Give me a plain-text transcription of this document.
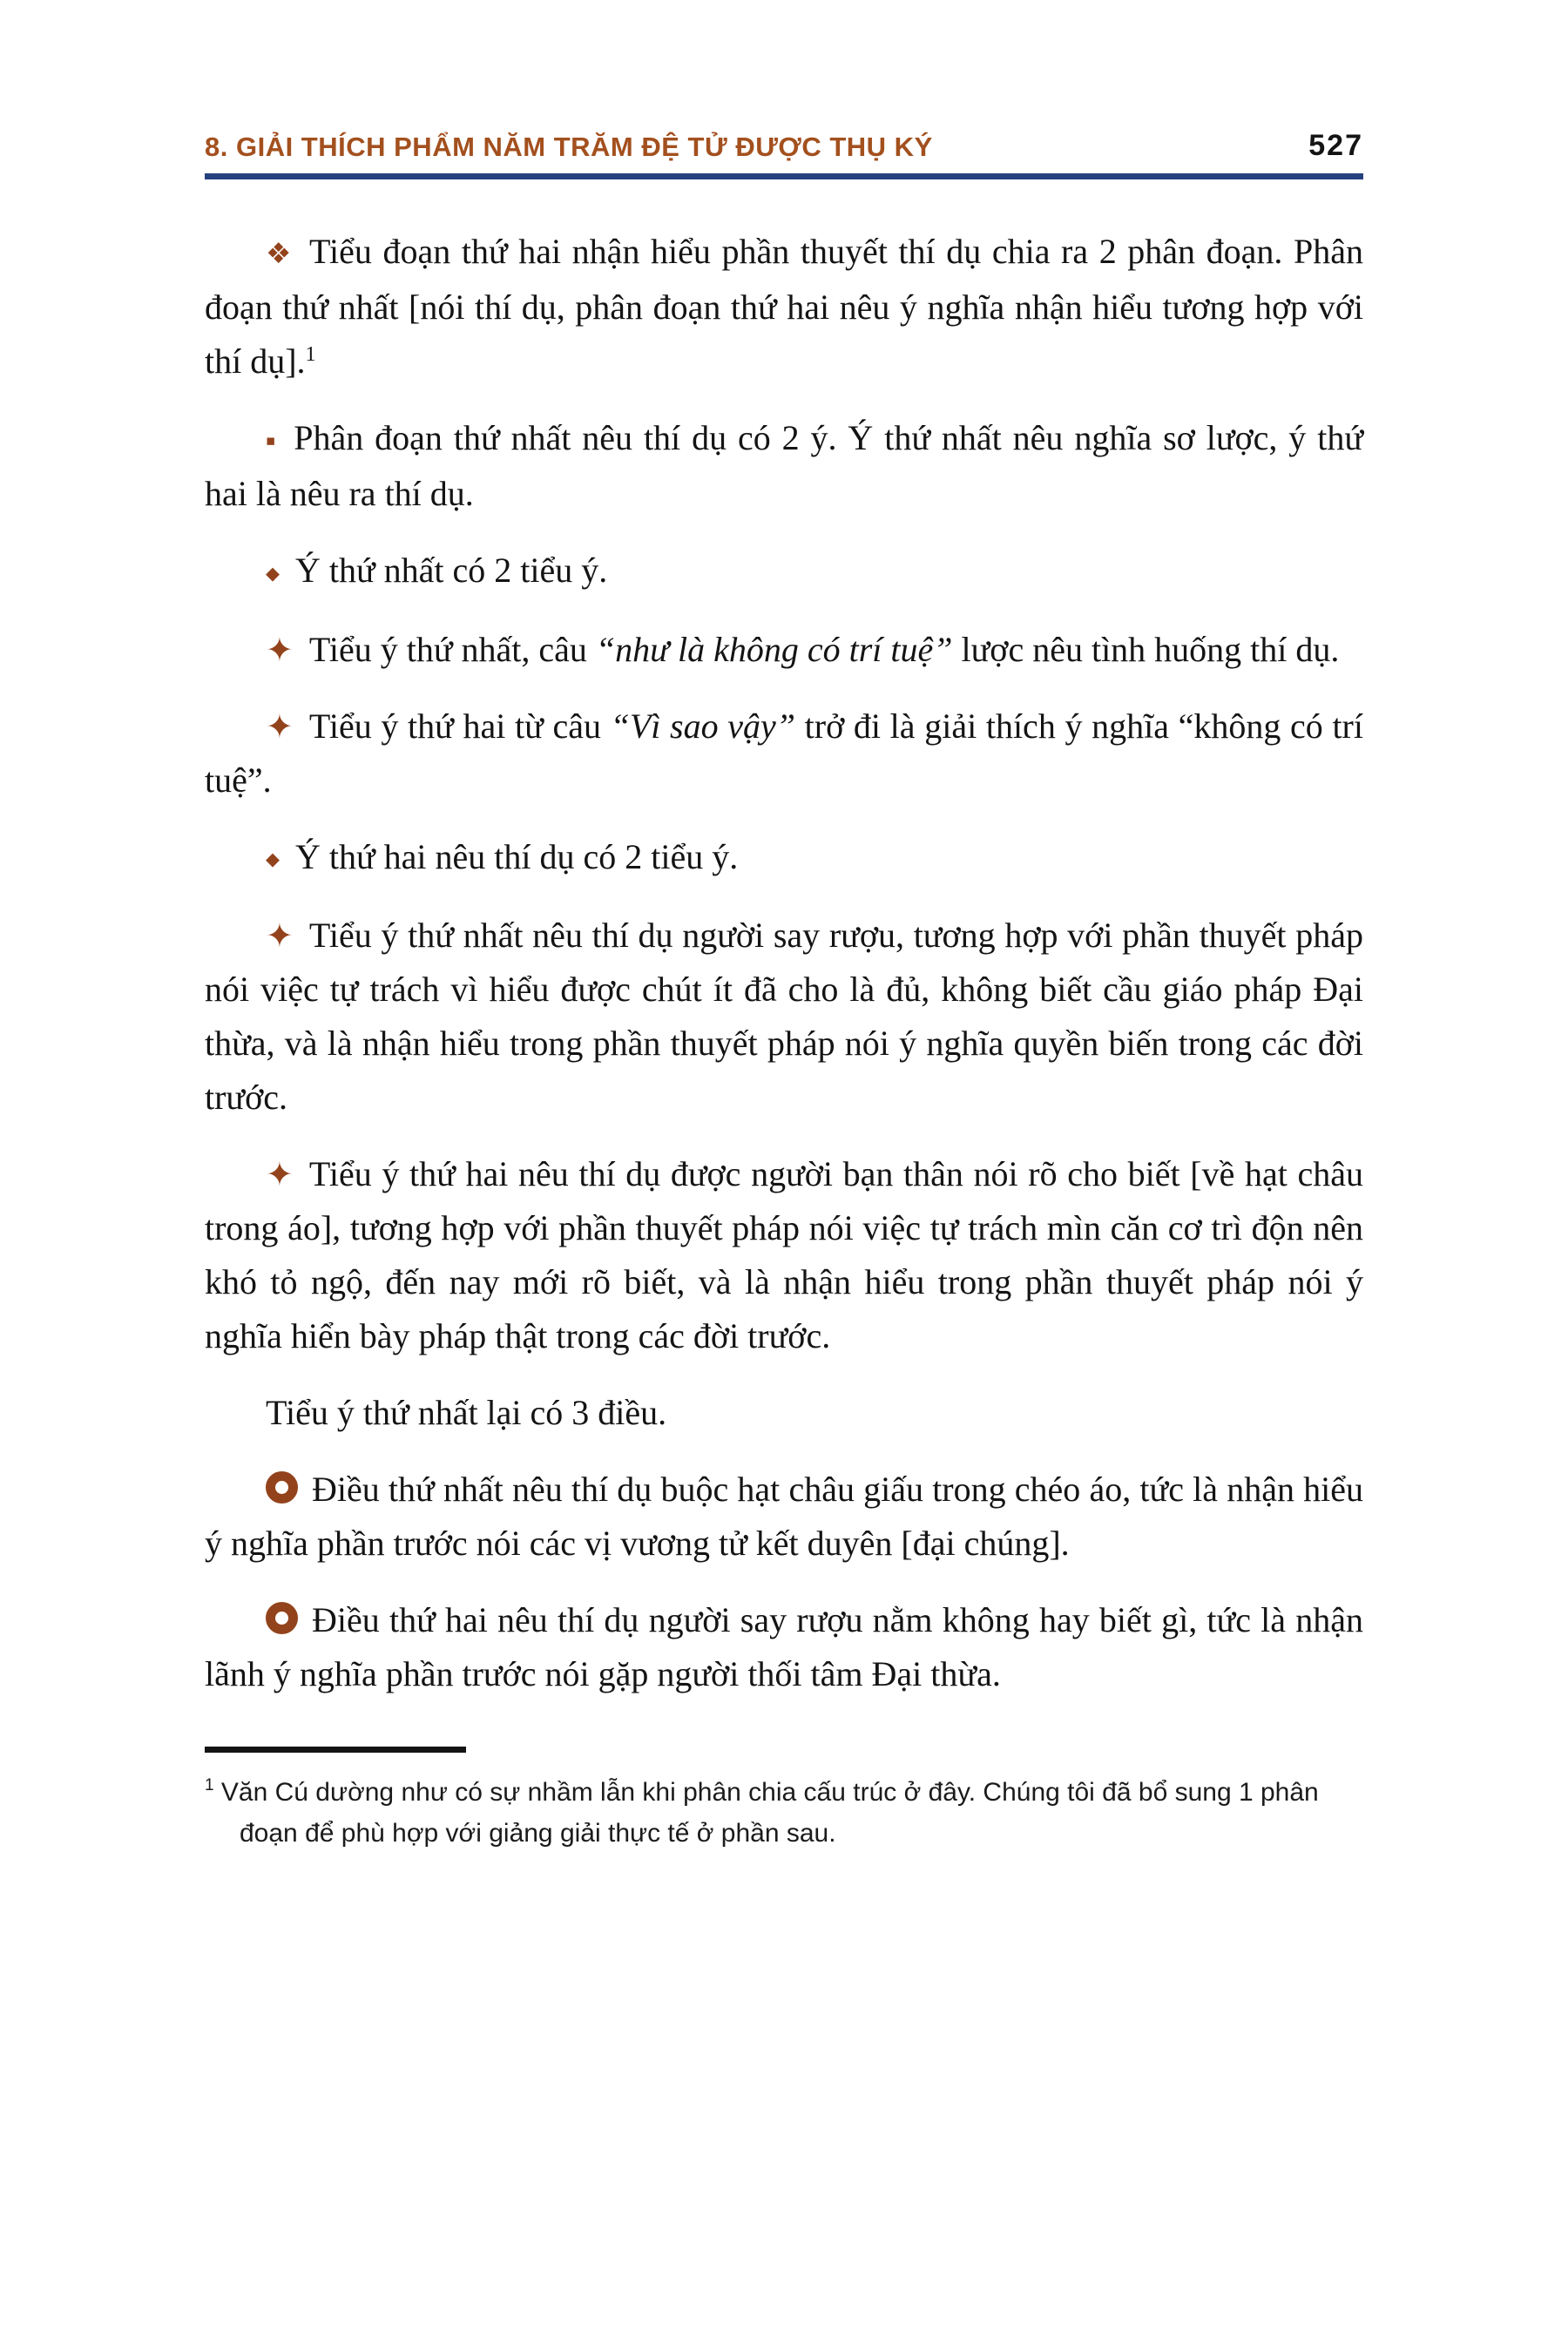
8. GIẢI THÍCH PHẨM NĂM TRĂM ĐỆ TỬ ĐƯỢC THỤ KÝ	527

❖ Tiểu đoạn thứ hai nhận hiểu phần thuyết thí dụ chia ra 2 phân đoạn. Phân đoạn thứ nhất [nói thí dụ, phân đoạn thứ hai nêu ý nghĩa nhận hiểu tương hợp với thí dụ].$^1$

▪ Phân đoạn thứ nhất nêu thí dụ có 2 ý. Ý thứ nhất nêu nghĩa sơ lược, ý thứ hai là nêu ra thí dụ.

◆ Ý thứ nhất có 2 tiểu ý.

✦ Tiểu ý thứ nhất, câu “như là không có trí tuệ” lược nêu tình huống thí dụ.

✦ Tiểu ý thứ hai từ câu “Vì sao vậy” trở đi là giải thích ý nghĩa “không có trí tuệ”.

◆ Ý thứ hai nêu thí dụ có 2 tiểu ý.

✦ Tiểu ý thứ nhất nêu thí dụ người say rượu, tương hợp với phần thuyết pháp nói việc tự trách vì hiểu được chút ít đã cho là đủ, không biết cầu giáo pháp Đại thừa, và là nhận hiểu trong phần thuyết pháp nói ý nghĩa quyền biến trong các đời trước.

✦ Tiểu ý thứ hai nêu thí dụ được người bạn thân nói rõ cho biết [về hạt châu trong áo], tương hợp với phần thuyết pháp nói việc tự trách mìn căn cơ trì độn nên khó tỏ ngộ, đến nay mới rõ biết, và là nhận hiểu trong phần thuyết pháp nói ý nghĩa hiển bày pháp thật trong các đời trước.

Tiểu ý thứ nhất lại có 3 điều.

Điều thứ nhất nêu thí dụ buộc hạt châu giấu trong chéo áo, tức là nhận hiểu ý nghĩa phần trước nói các vị vương tử kết duyên [đại chúng].

Điều thứ hai nêu thí dụ người say rượu nằm không hay biết gì, tức là nhận lãnh ý nghĩa phần trước nói gặp người thối tâm Đại thừa.

$^1$ Văn Cú dường như có sự nhầm lẫn khi phân chia cấu trúc ở đây. Chúng tôi đã bổ sung 1 phân đoạn để phù hợp với giảng giải thực tế ở phần sau.
